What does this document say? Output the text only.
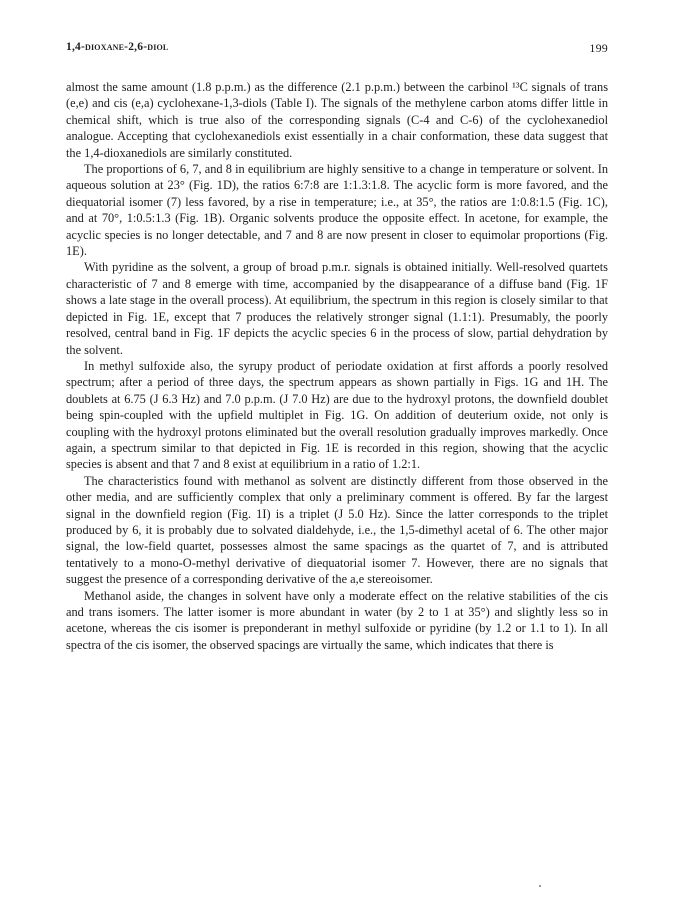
1,4-dioxane-2,6-diol	199

almost the same amount (1.8 p.p.m.) as the difference (2.1 p.p.m.) between the carbinol ¹³C signals of trans (e,e) and cis (e,a) cyclohexane-1,3-diols (Table I). The signals of the methylene carbon atoms differ little in chemical shift, which is true also of the corresponding signals (C-4 and C-6) of the cyclohexanediol analogue. Accepting that cyclohexanediols exist essentially in a chair conformation, these data suggest that the 1,4-dioxanediols are similarly constituted.

The proportions of 6, 7, and 8 in equilibrium are highly sensitive to a change in temperature or solvent. In aqueous solution at 23° (Fig. 1D), the ratios 6:7:8 are 1:1.3:1.8. The acyclic form is more favored, and the diequatorial isomer (7) less favored, by a rise in temperature; i.e., at 35°, the ratios are 1:0.8:1.5 (Fig. 1C), and at 70°, 1:0.5:1.3 (Fig. 1B). Organic solvents produce the opposite effect. In acetone, for example, the acyclic species is no longer detectable, and 7 and 8 are now present in closer to equimolar proportions (Fig. 1E).

With pyridine as the solvent, a group of broad p.m.r. signals is obtained initially. Well-resolved quartets characteristic of 7 and 8 emerge with time, accompanied by the disappearance of a diffuse band (Fig. 1F shows a late stage in the overall process). At equilibrium, the spectrum in this region is closely similar to that depicted in Fig. 1E, except that 7 produces the relatively stronger signal (1.1:1). Presumably, the poorly resolved, central band in Fig. 1F depicts the acyclic species 6 in the process of slow, partial dehydration by the solvent.

In methyl sulfoxide also, the syrupy product of periodate oxidation at first affords a poorly resolved spectrum; after a period of three days, the spectrum appears as shown partially in Figs. 1G and 1H. The doublets at 6.75 (J 6.3 Hz) and 7.0 p.p.m. (J 7.0 Hz) are due to the hydroxyl protons, the downfield doublet being spin-coupled with the upfield multiplet in Fig. 1G. On addition of deuterium oxide, not only is coupling with the hydroxyl protons eliminated but the overall resolution gradually improves markedly. Once again, a spectrum similar to that depicted in Fig. 1E is recorded in this region, showing that the acyclic species is absent and that 7 and 8 exist at equilibrium in a ratio of 1.2:1.

The characteristics found with methanol as solvent are distinctly different from those observed in the other media, and are sufficiently complex that only a preliminary comment is offered. By far the largest signal in the downfield region (Fig. 1I) is a triplet (J 5.0 Hz). Since the latter corresponds to the triplet produced by 6, it is probably due to solvated dialdehyde, i.e., the 1,5-dimethyl acetal of 6. The other major signal, the low-field quartet, possesses almost the same spacings as the quartet of 7, and is attributed tentatively to a mono-O-methyl derivative of diequatorial isomer 7. However, there are no signals that suggest the presence of a corresponding derivative of the a,e stereoisomer.

Methanol aside, the changes in solvent have only a moderate effect on the relative stabilities of the cis and trans isomers. The latter isomer is more abundant in water (by 2 to 1 at 35°) and slightly less so in acetone, whereas the cis isomer is preponderant in methyl sulfoxide or pyridine (by 1.2 or 1.1 to 1). In all spectra of the cis isomer, the observed spacings are virtually the same, which indicates that there is
